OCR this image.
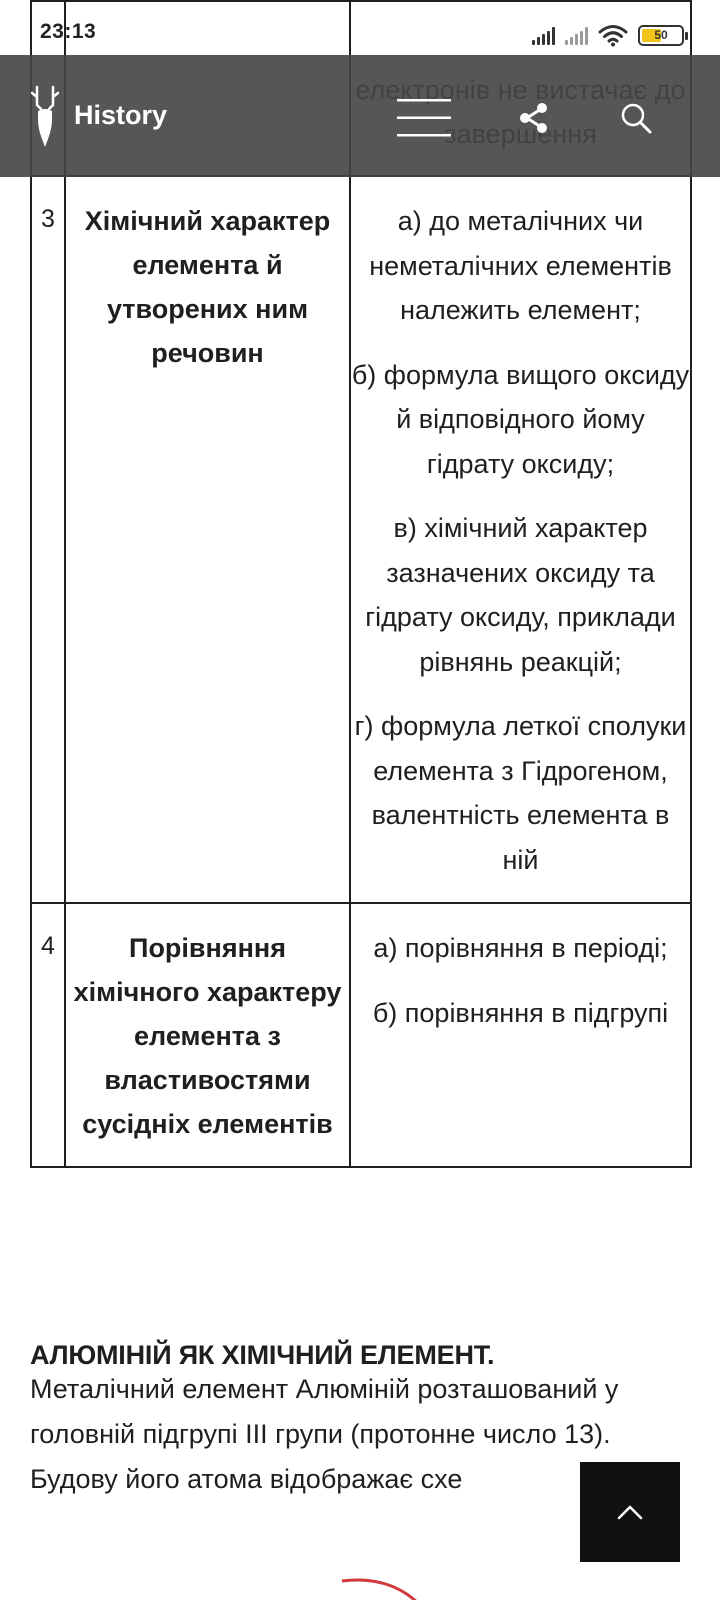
23:13	50

3	Хімічний характер елемента й утворених ним речовин	а) до металічних чи неметалічних елементів належить елемент;

б) формула вищого оксиду й відповідного йому гідрату оксиду;

в) хімічний характер зазначених оксиду та гідрату оксиду, приклади рівнянь реакцій;

г) формула леткої сполуки елемента з Гідрогеном, валентність елемента в ній

4	Порівняння хімічного характеру елемента з властивостями сусідніх елементів	а) порівняння в періоді;

б) порівняння в підгрупі

АЛЮМІНІЙ ЯК ХІМІЧНИЙ ЕЛЕМЕНТ.

Металічний елемент Алюміній розташований у головній підгрупі III групи (протонне число 13). Будову його атома відображає схе

History
